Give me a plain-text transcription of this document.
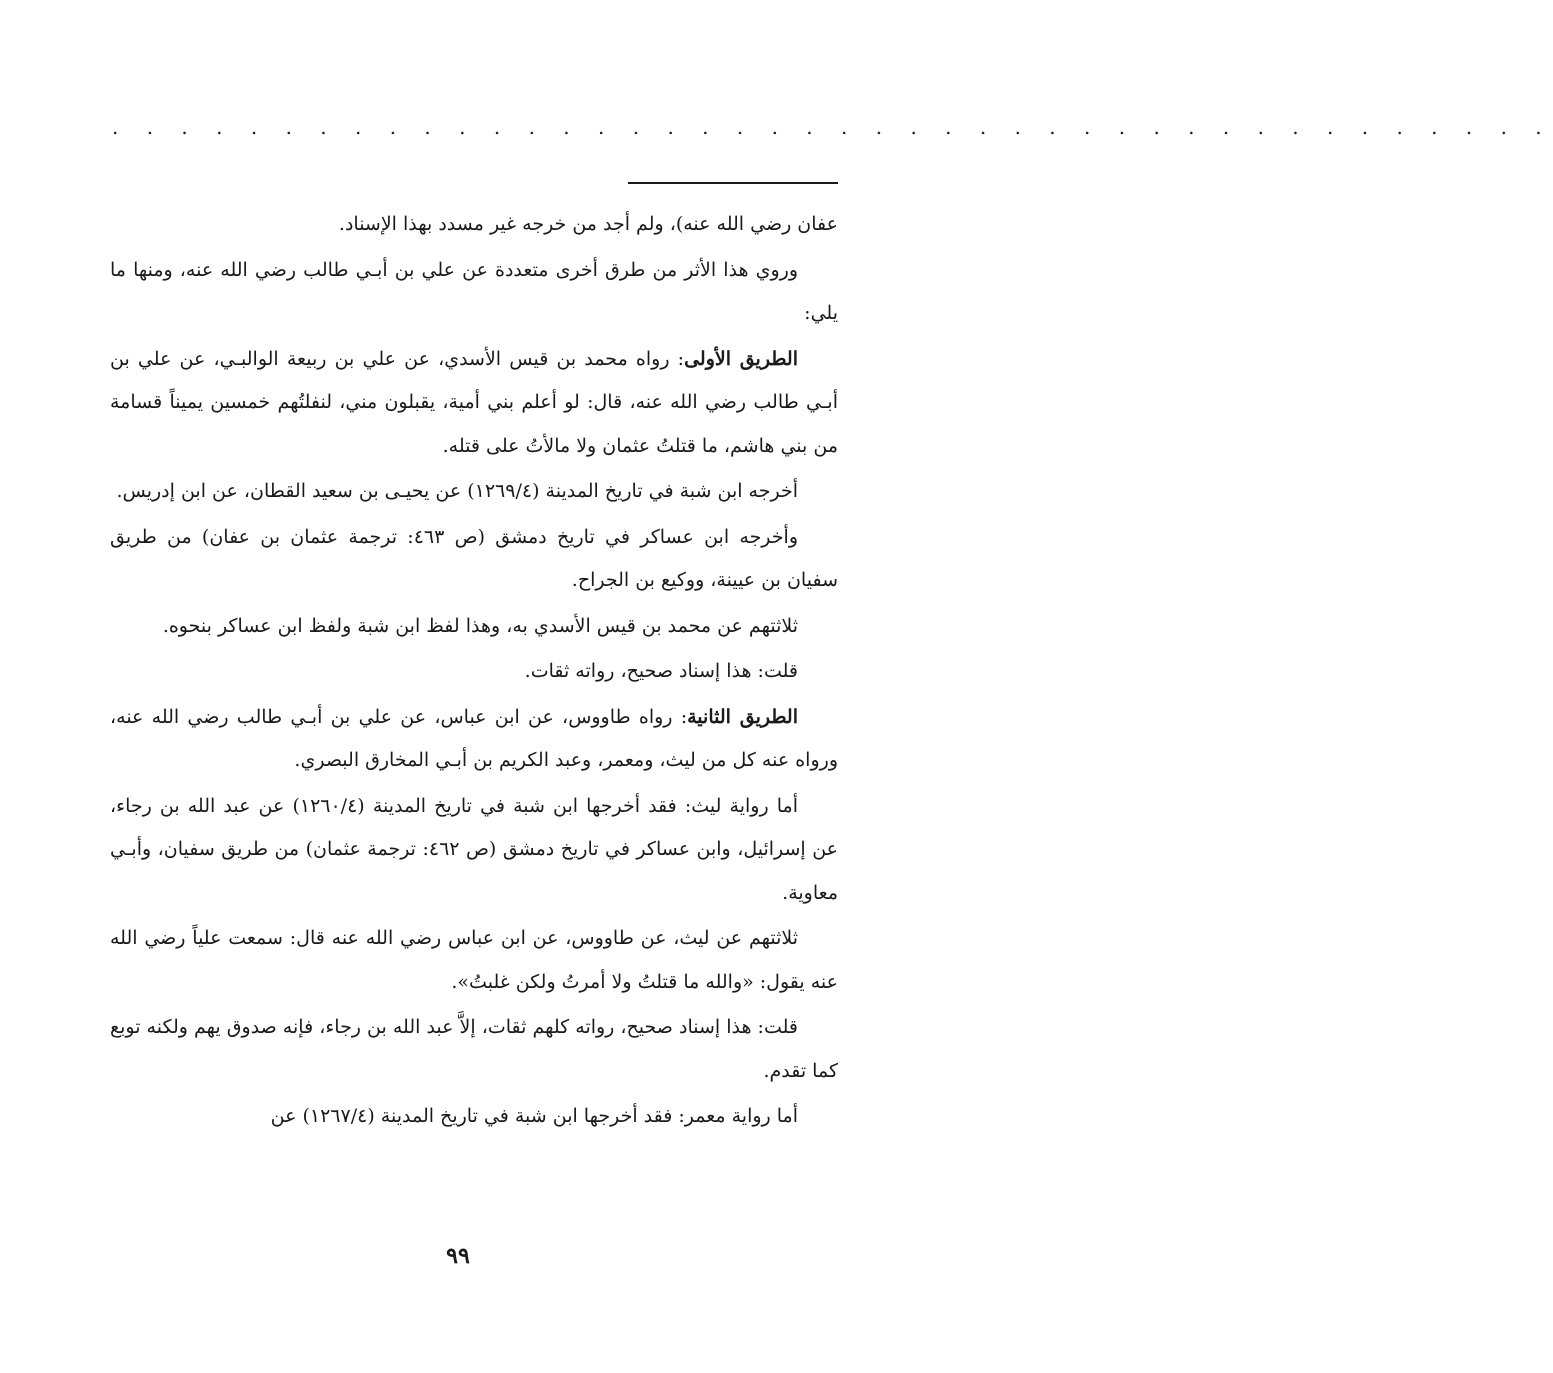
. . . . . . . . . . . . . . . . . . . . . . . . . . . . . . . . . . . . . . . . . .

عفان رضي الله عنه)، ولم أجد من خرجه غير مسدد بهذا الإسناد.

وروي هذا الأثر من طرق أخرى متعددة عن علي بن أبـي طالب رضي الله عنه، ومنها ما يلي:

الطريق الأولى: رواه محمد بن قيس الأسدي، عن علي بن ربيعة الوالبـي، عن علي بن أبـي طالب رضي الله عنه، قال: لو أعلم بني أمية، يقبلون مني، لنفلتُهم خمسين يميناً قسامة من بني هاشم، ما قتلتُ عثمان ولا مالأتُ على قتله.

أخرجه ابن شبة في تاريخ المدينة (١٢٦٩/٤) عن يحيـى بن سعيد القطان، عن ابن إدريس.

وأخرجه ابن عساكر في تاريخ دمشق (ص ٤٦٣: ترجمة عثمان بن عفان) من طريق سفيان بن عيينة، ووكيع بن الجراح.

ثلاثتهم عن محمد بن قيس الأسدي به، وهذا لفظ ابن شبة ولفظ ابن عساكر بنحوه.

قلت: هذا إسناد صحيح، رواته ثقات.

الطريق الثانية: رواه طاووس، عن ابن عباس، عن علي بن أبـي طالب رضي الله عنه، ورواه عنه كل من ليث، ومعمر، وعبد الكريم بن أبـي المخارق البصري.

أما رواية ليث: فقد أخرجها ابن شبة في تاريخ المدينة (١٢٦٠/٤) عن عبد الله بن رجاء، عن إسرائيل، وابن عساكر في تاريخ دمشق (ص ٤٦٢: ترجمة عثمان) من طريق سفيان، وأبـي معاوية.

ثلاثتهم عن ليث، عن طاووس، عن ابن عباس رضي الله عنه قال: سمعت علياً رضي الله عنه يقول: «والله ما قتلتُ ولا أمرتُ ولكن غلبتُ».

قلت: هذا إسناد صحيح، رواته كلهم ثقات، إلاَّ عبد الله بن رجاء، فإنه صدوق يهم ولكنه توبع كما تقدم.

أما رواية معمر: فقد أخرجها ابن شبة في تاريخ المدينة (١٢٦٧/٤) عن

٩٩
